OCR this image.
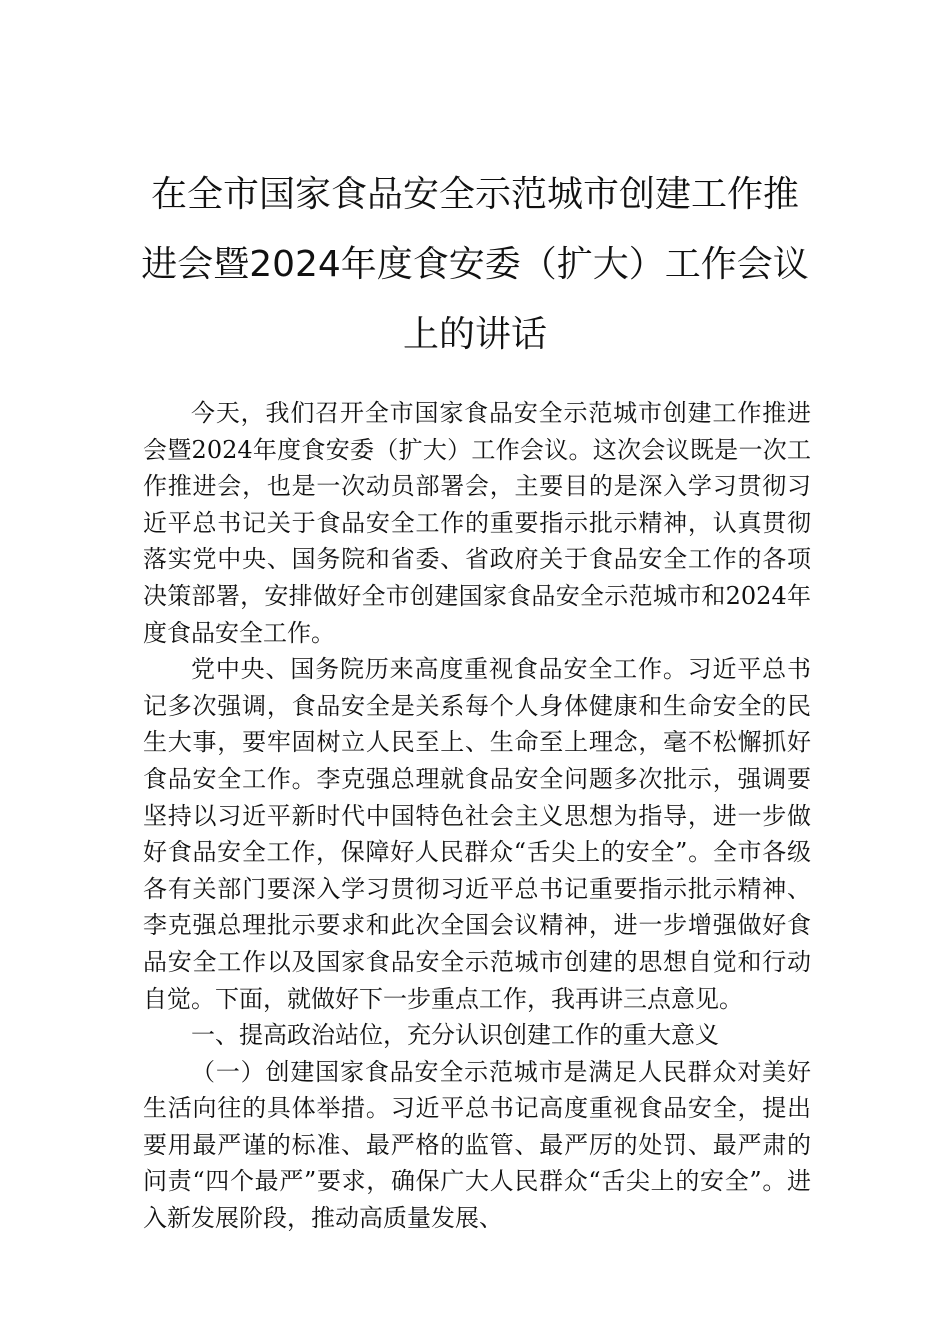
在全市国家食品安全示范城市创建工作推
进会暨2024年度食安委（扩大）工作会议
上的讲话

今天，我们召开全市国家食品安全示范城市创建工作推进会暨2024年度食安委（扩大）工作会议。这次会议既是一次工作推进会，也是一次动员部署会，主要目的是深入学习贯彻习近平总书记关于食品安全工作的重要指示批示精神，认真贯彻落实党中央、国务院和省委、省政府关于食品安全工作的各项决策部署，安排做好全市创建国家食品安全示范城市和2024年度食品安全工作。

党中央、国务院历来高度重视食品安全工作。习近平总书记多次强调，食品安全是关系每个人身体健康和生命安全的民生大事，要牢固树立人民至上、生命至上理念，毫不松懈抓好食品安全工作。李克强总理就食品安全问题多次批示，强调要坚持以习近平新时代中国特色社会主义思想为指导，进一步做好食品安全工作，保障好人民群众“舌尖上的安全”。全市各级各有关部门要深入学习贯彻习近平总书记重要指示批示精神、李克强总理批示要求和此次全国会议精神，进一步增强做好食品安全工作以及国家食品安全示范城市创建的思想自觉和行动自觉。下面，就做好下一步重点工作，我再讲三点意见。

一、提高政治站位，充分认识创建工作的重大意义

（一）创建国家食品安全示范城市是满足人民群众对美好生活向往的具体举措。习近平总书记高度重视食品安全，提出要用最严谨的标准、最严格的监管、最严厉的处罚、最严肃的问责“四个最严”要求，确保广大人民群众“舌尖上的安全”。进入新发展阶段，推动高质量发展、
